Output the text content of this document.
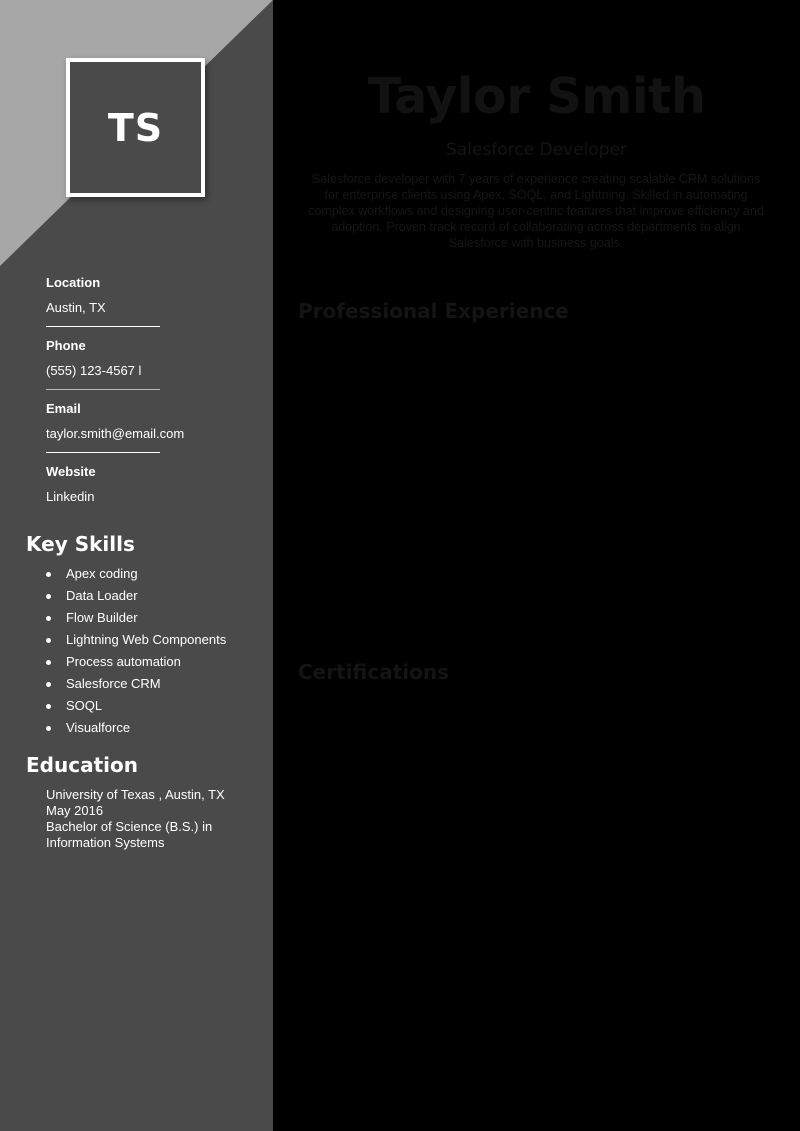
TS
Location
Austin, TX
Phone
(555) 123-4567 l
Email
taylor.smith@email.com
Website
Linkedin
Key Skills
Apex coding
Data Loader
Flow Builder
Lightning Web Components
Process automation
Salesforce CRM
SOQL
Visualforce
Education
University of Texas , Austin, TX
May 2016
Bachelor of Science (B.S.) in
Information Systems
Taylor Smith
Salesforce Developer

Salesforce developer with 7 years of experience creating scalable CRM solutions for enterprise clients using Apex, SOQL, and Lightning. Skilled in automating complex workflows and designing user-centric features that improve efficiency and adoption. Proven track record of collaborating across departments to align Salesforce with business goals.

Professional Experience
Certifications
